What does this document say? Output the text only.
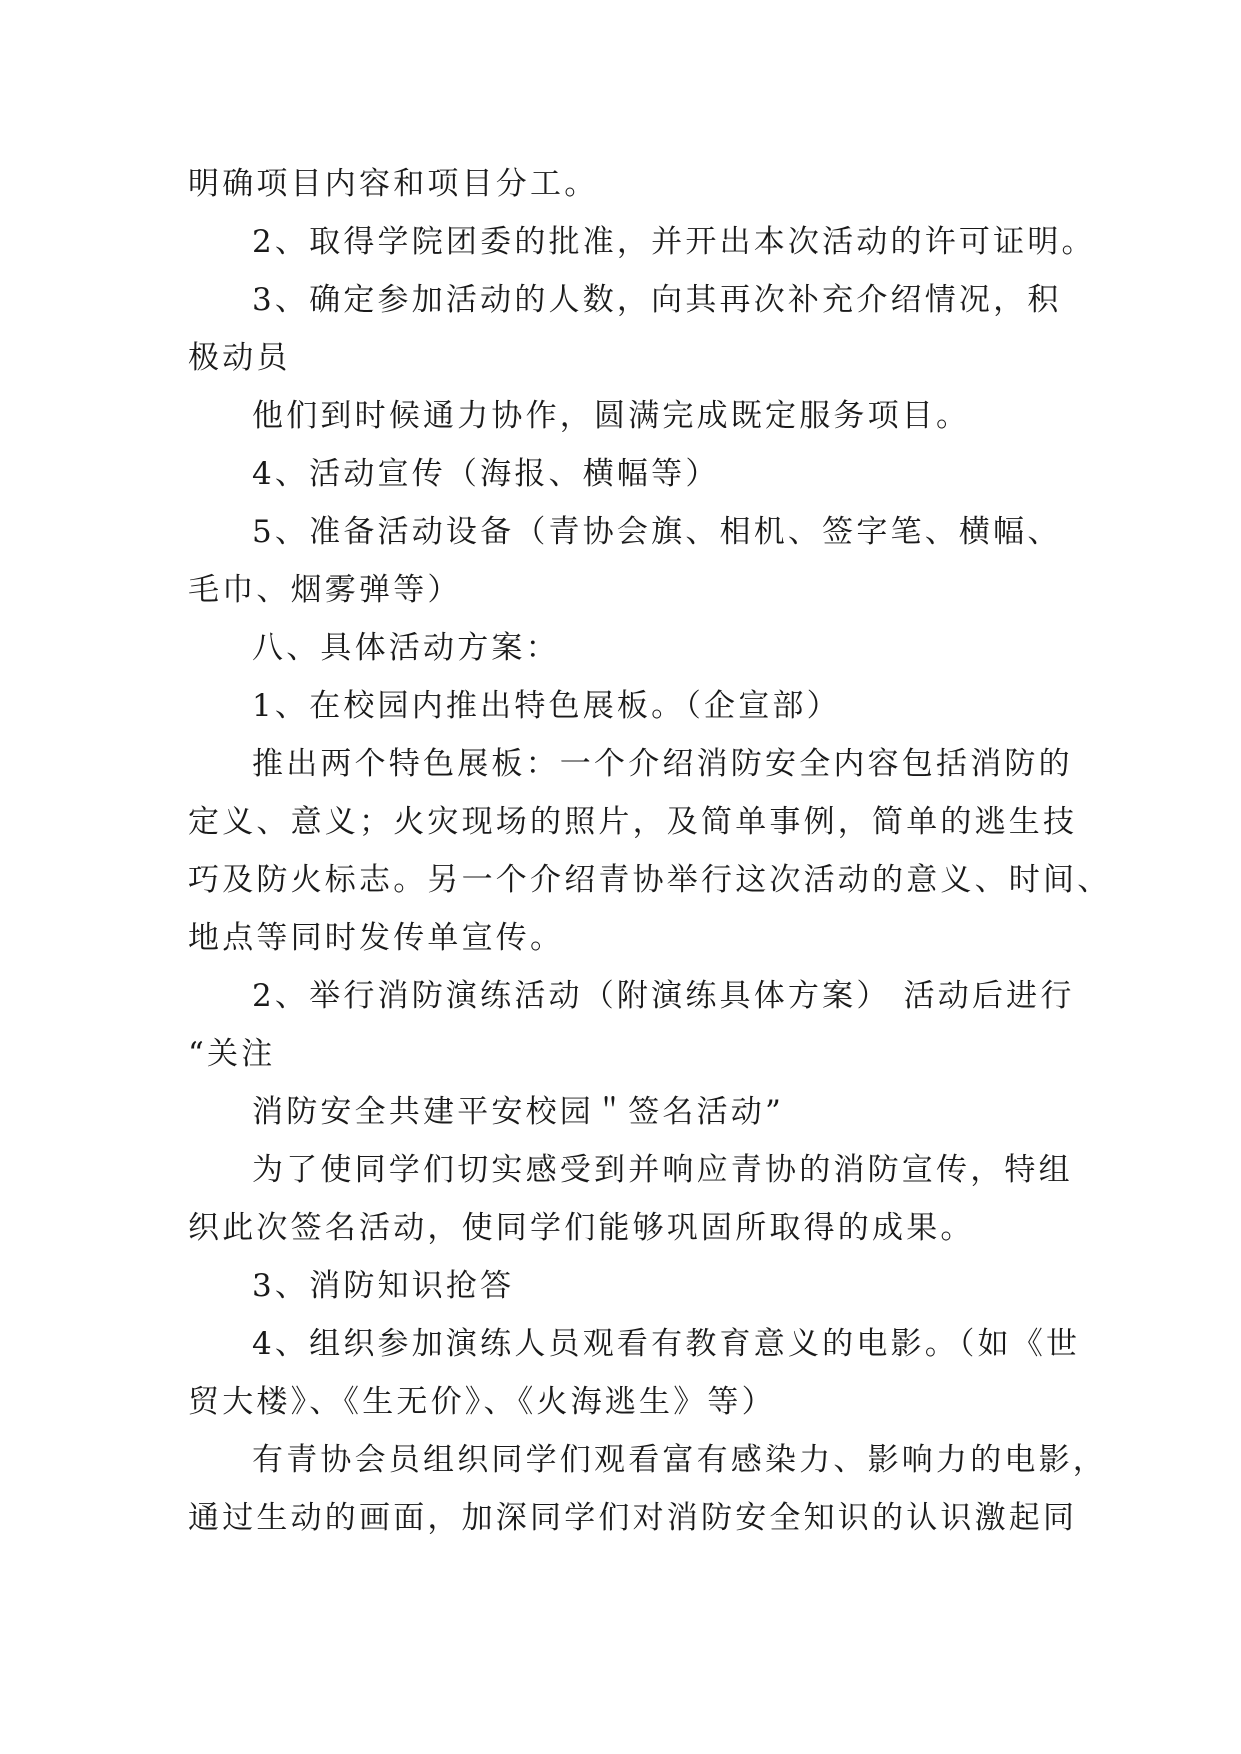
明确项目内容和项目分工。
2、取得学院团委的批准，并开出本次活动的许可证明。
3、确定参加活动的人数，向其再次补充介绍情况，积
极动员
他们到时候通力协作，圆满完成既定服务项目。
4、活动宣传（海报、横幅等）
5、准备活动设备（青协会旗、相机、签字笔、横幅、
毛巾、烟雾弹等）
八、具体活动方案：
1、在校园内推出特色展板。（企宣部）
推出两个特色展板：一个介绍消防安全内容包括消防的
定义、意义；火灾现场的照片，及简单事例，简单的逃生技
巧及防火标志。另一个介绍青协举行这次活动的意义、时间、
地点等同时发传单宣传。
2、举行消防演练活动（附演练具体方案） 活动后进行
“关注
消防安全共建平安校园＂签名活动”
为了使同学们切实感受到并响应青协的消防宣传，特组
织此次签名活动，使同学们能够巩固所取得的成果。
3、消防知识抢答
4、组织参加演练人员观看有教育意义的电影。（如《世
贸大楼》、《生无价》、《火海逃生》等）
有青协会员组织同学们观看富有感染力、影响力的电影，
通过生动的画面，加深同学们对消防安全知识的认识激起同
